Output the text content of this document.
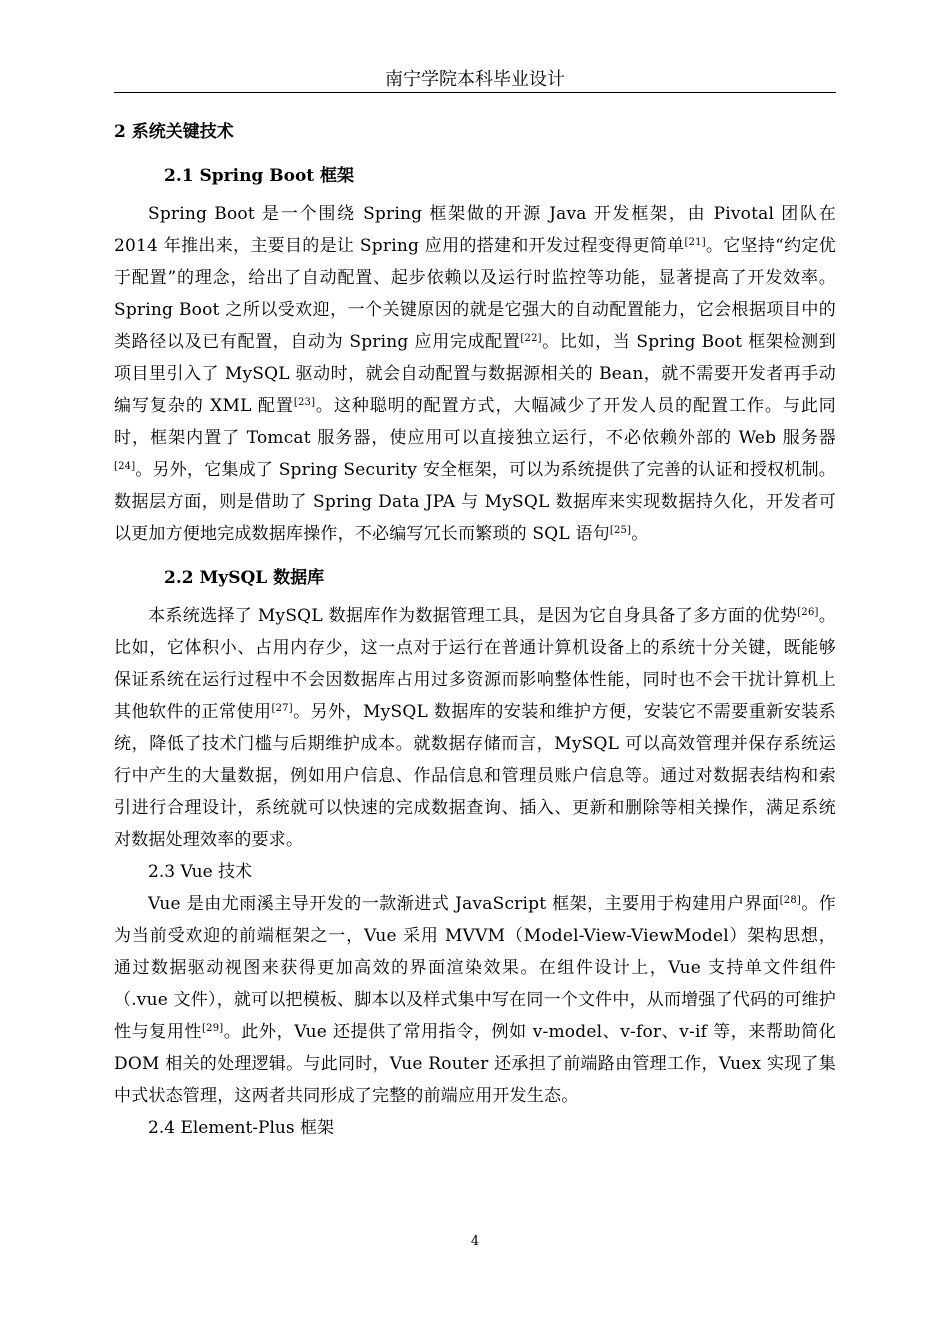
南宁学院本科毕业设计
2 系统关键技术
2.1 Spring Boot 框架

Spring Boot 是一个围绕 Spring 框架做的开源 Java 开发框架，由 Pivotal 团队在 2014 年推出来，主要目的是让 Spring 应用的搭建和开发过程变得更简单[21]。它坚持“约定优于配置”的理念，给出了自动配置、起步依赖以及运行时监控等功能，显著提高了开发效率。Spring Boot 之所以受欢迎，一个关键原因的就是它强大的自动配置能力，它会根据项目中的类路径以及已有配置，自动为 Spring 应用完成配置[22]。比如，当 Spring Boot 框架检测到项目里引入了 MySQL 驱动时，就会自动配置与数据源相关的 Bean，就不需要开发者再手动编写复杂的 XML 配置[23]。这种聪明的配置方式，大幅减少了开发人员的配置工作。与此同时，框架内置了 Tomcat 服务器，使应用可以直接独立运行，不必依赖外部的 Web 服务器[24]。另外，它集成了 Spring Security 安全框架，可以为系统提供了完善的认证和授权机制。数据层方面，则是借助了 Spring Data JPA 与 MySQL 数据库来实现数据持久化，开发者可以更加方便地完成数据库操作，不必编写冗长而繁琐的 SQL 语句[25]。

2.2 MySQL 数据库

本系统选择了 MySQL 数据库作为数据管理工具，是因为它自身具备了多方面的优势[26]。比如，它体积小、占用内存少，这一点对于运行在普通计算机设备上的系统十分关键，既能够保证系统在运行过程中不会因数据库占用过多资源而影响整体性能，同时也不会干扰计算机上其他软件的正常使用[27]。另外，MySQL 数据库的安装和维护方便，安装它不需要重新安装系统，降低了技术门槛与后期维护成本。就数据存储而言，MySQL 可以高效管理并保存系统运行中产生的大量数据，例如用户信息、作品信息和管理员账户信息等。通过对数据表结构和索引进行合理设计，系统就可以快速的完成数据查询、插入、更新和删除等相关操作，满足系统对数据处理效率的要求。

2.3 Vue 技术

Vue 是由尤雨溪主导开发的一款渐进式 JavaScript 框架，主要用于构建用户界面[28]。作为当前受欢迎的前端框架之一，Vue 采用 MVVM（Model-View-ViewModel）架构思想，通过数据驱动视图来获得更加高效的界面渲染效果。在组件设计上，Vue 支持单文件组件（.vue 文件），就可以把模板、脚本以及样式集中写在同一个文件中，从而增强了代码的可维护性与复用性[29]。此外，Vue 还提供了常用指令，例如 v-model、v-for、v-if 等，来帮助简化 DOM 相关的处理逻辑。与此同时，Vue Router 还承担了前端路由管理工作，Vuex 实现了集中式状态管理，这两者共同形成了完整的前端应用开发生态。

2.4 Element-Plus 框架
4
